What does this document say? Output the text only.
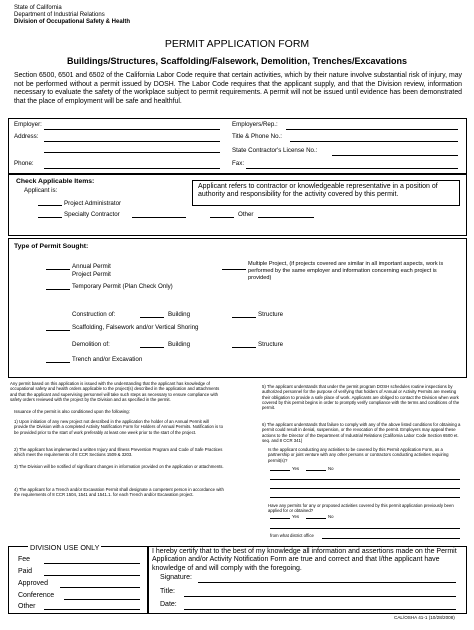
State of California
Department of Industrial Relations
Division of Occupational Safety & Health
PERMIT APPLICATION FORM
Buildings/Structures, Scaffolding/Falsework, Demolition, Trenches/Excavations
Section 6500, 6501 and 6502 of the California Labor Code require that certain activities, which by their nature involve substantial risk of injury, may not be performed without a permit issued by DOSH. The Labor Code requires that the applicant supply, and that the Division review, information necessary to evaluate the safety of the workplace subject to permit requirements. A permit will not be issued until evidence has been demonstrated that the place of employment will be safe and healthful.
Employer:
Address:
Phone:
Employers/Rep.:
Title & Phone No.:
State Contractor's License No.:
Fax:
Check Applicable Items:
Applicant is:
Project Administrator
Specialty Contractor	Other
Applicant refers to contractor or knowledgeable representative in a position of authority and responsibility for the activity covered by this permit.
Type of Permit Sought:
Annual Permit
Project Permit
Temporary Permit (Plan Check Only)
Multiple Project, (if projects covered are similar in all important aspects, work is performed by the same employer and information concerning each project is provided)
Construction of:	Building	Structure
Scaffolding, Falsework and/or Vertical Shoring
Demolition of:	Building	Structure
Trench and/or Excavation
Any permit based on this application is issued with the understanding that the applicant has knowledge of occupational safety and health orders applicable to the project(s) described in the application and attachments and that the applicant and supervising personnel will take such steps as necessary to ensure compliance with safety orders reviewed with the project by the Division and as specified in the permit.
Issuance of the permit is also conditioned upon the following:
1) Upon initiation of any new project not described in the application the holder of an Annual Permit will provide the Division with a completed Activity Notification Form for Holders of Annual Permits. Notification is to be provided prior to the start of work preferably at least one week prior to the start of the project.
2) The applicant has implemented a written Injury and Illness Prevention Program and Code of Safe Practices which meet the requirements of 8 CCR Sections 1509 & 3203.
3) The Division will be notified of significant changes in information provided on the application or attachments.
4) The applicant for a Trench and/or Excavation Permit shall designate a competent person in accordance with the requirements of 8 CCR 1504, 1541 and 1541.1. for each Trench and/or Excavation project.
5) The applicant understands that under the permit program DOSH schedules routine inspections by authorized personnel for the purpose of verifying that holders of Annual or Activity Permits are meeting their obligation to provide a safe place of work. Applicants are obliged to contact the Division when work covered by this permit begins in order to promptly verify compliance with the terms and conditions of the permit.
6) The applicant understands that failure to comply with any of the above listed conditions for obtaining a permit could result in denial, suspension, or the revocation of the permit. Employers may appeal these actions to the Director of the Department of Industrial Relations (California Labor Code Section 6500 et. seq. and 8 CCR 341)
Is the applicant conducting any activities to be covered by this Permit Application Form, as a partnership or joint venture with any other persons or contractors conducting activities requiring permit(s)?
Yes	No
Have any permits for any or proposed activities covered by this permit application previously been applied for or obtained?
Yes	No
from what district office
DIVISION USE ONLY
Fee
Paid
Approved
Conference
Other
I hereby certify that to the best of my knowledge all information and assertions made on the Permit Application and/or Activity Notification Form are true and correct and that I/the applicant have knowledge of and will comply with the foregoing.
Signature:
Title:
Date:
CAL/OSHA 41-1 (10/28/2008)
